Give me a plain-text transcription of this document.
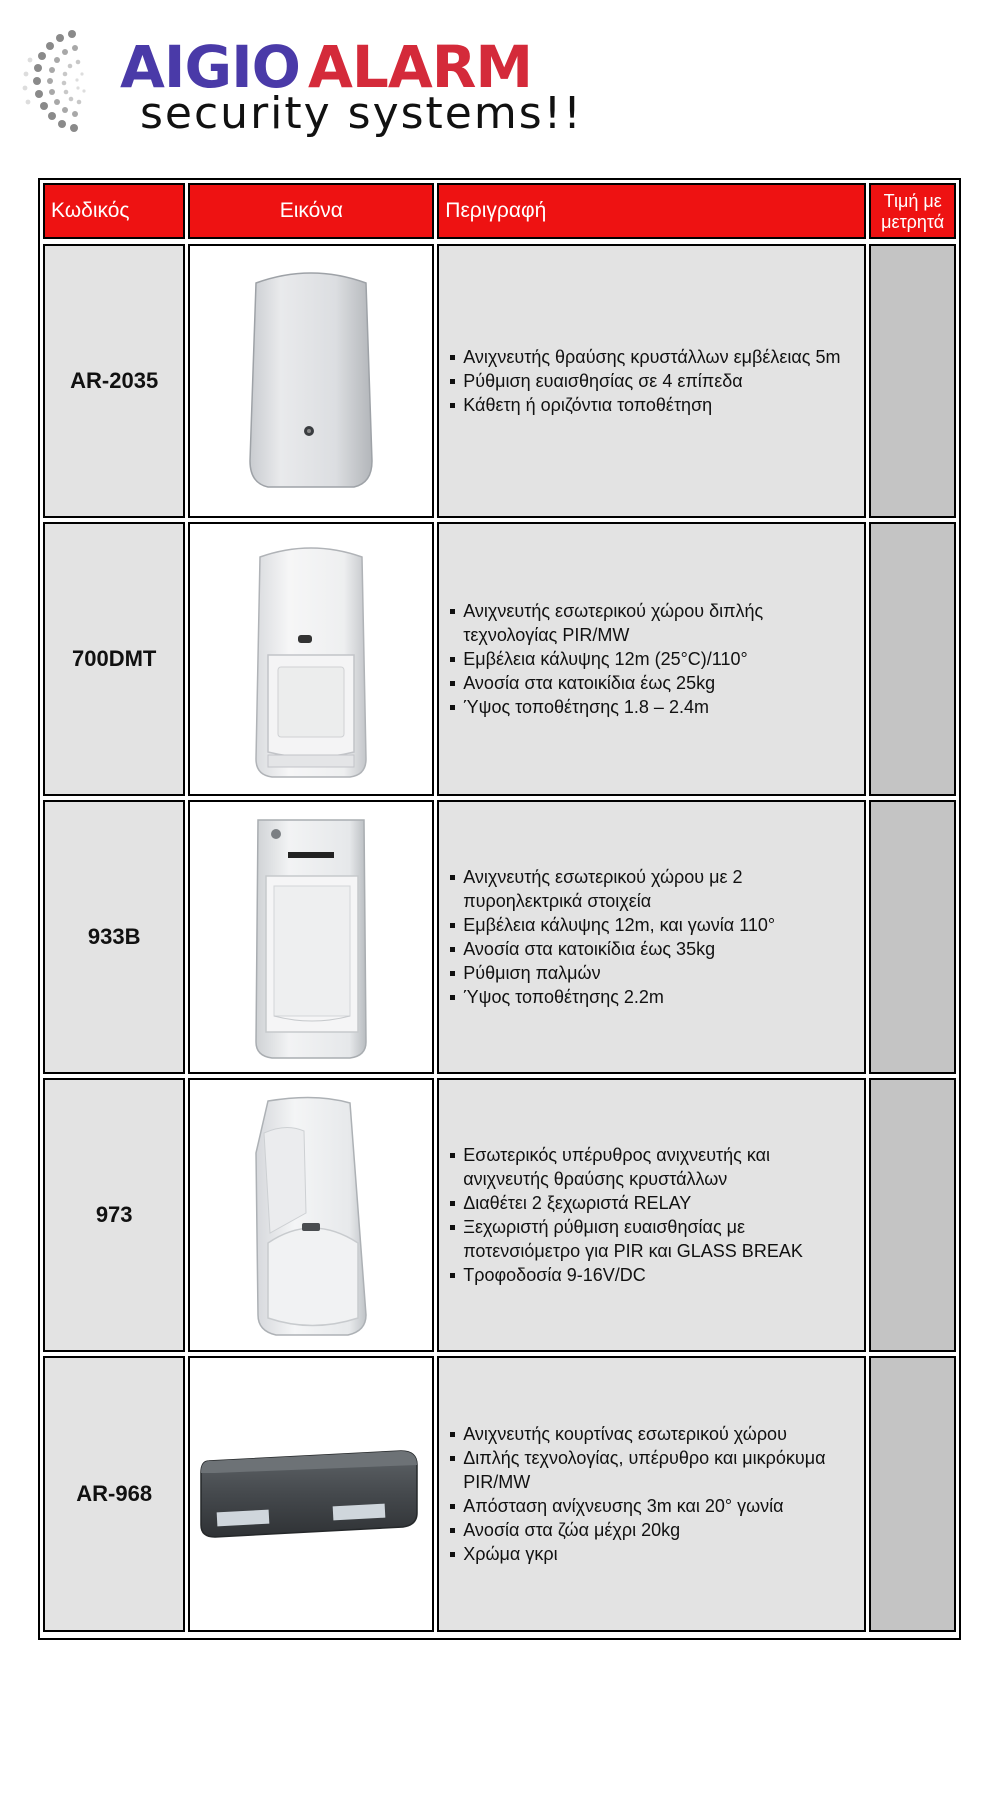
AIGIO ALARM
security systems!!
Κωδικός	Εικόνα	Περιγραφή	Τιμή με μετρητά
AR-2035
Ανιχνευτής θραύσης κρυστάλλων εμβέλειας 5m
Ρύθμιση ευαισθησίας σε 4 επίπεδα
Κάθετη ή οριζόντια τοποθέτηση
700DMT
Ανιχνευτής εσωτερικού χώρου διπλής τεχνολογίας PIR/MW
Εμβέλεια κάλυψης 12m (25°C)/110°
Ανοσία στα κατοικίδια έως 25kg
Ύψος τοποθέτησης 1.8 – 2.4m
933B
Ανιχνευτής εσωτερικού χώρου με 2 πυροηλεκτρικά στοιχεία
Εμβέλεια κάλυψης 12m, και γωνία 110°
Ανοσία στα κατοικίδια έως 35kg
Ρύθμιση παλμών
Ύψος τοποθέτησης 2.2m
973
Εσωτερικός υπέρυθρος ανιχνευτής και ανιχνευτής θραύσης κρυστάλλων
Διαθέτει 2 ξεχωριστά RELAY
Ξεχωριστή ρύθμιση ευαισθησίας με ποτενσιόμετρο για PIR και GLASS BREAK
Τροφοδοσία 9-16V/DC
AR-968
Ανιχνευτής κουρτίνας εσωτερικού χώρου
Διπλής τεχνολογίας, υπέρυθρο και μικρόκυμα PIR/MW
Απόσταση ανίχνευσης 3m και 20° γωνία
Ανοσία στα ζώα μέχρι 20kg
Χρώμα γκρι
